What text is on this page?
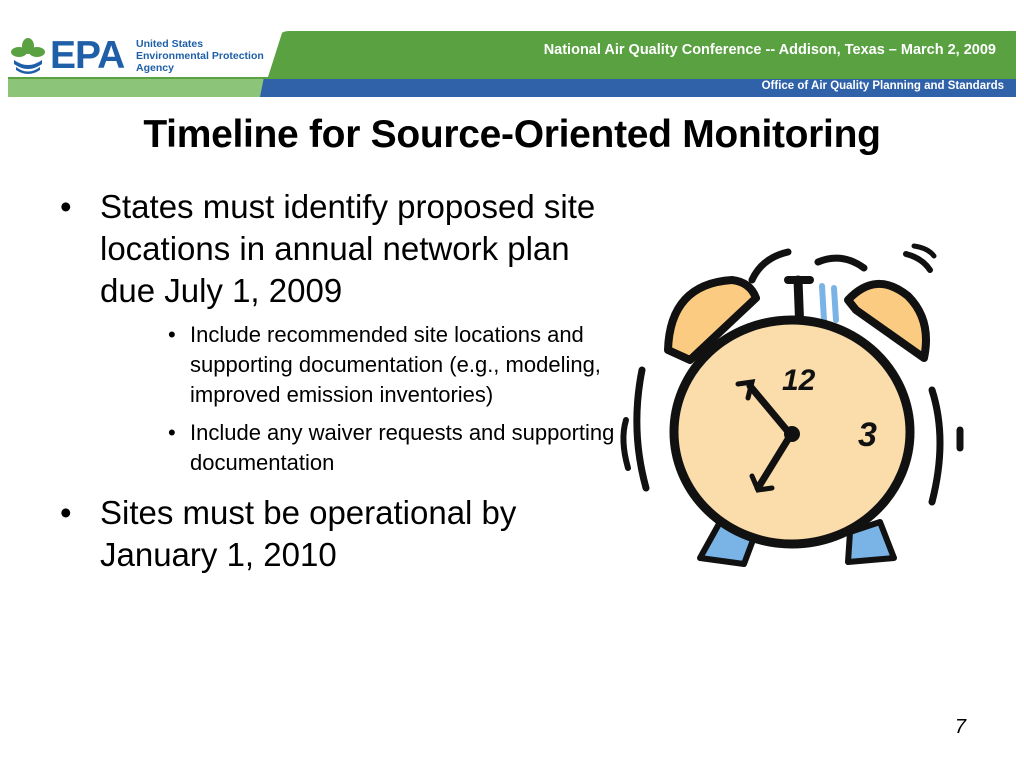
EPA United States
Environmental Protection
Agency
National Air Quality Conference -- Addison, Texas – March 2, 2009
Office of Air Quality Planning and Standards
Timeline for Source-Oriented Monitoring

• States must identify proposed site locations in annual network plan due July 1, 2009

• Include recommended site locations and supporting documentation (e.g., modeling, improved emission inventories)
• Include any waiver requests and supporting documentation

• Sites must be operational by January 1, 2010

12
3
7
